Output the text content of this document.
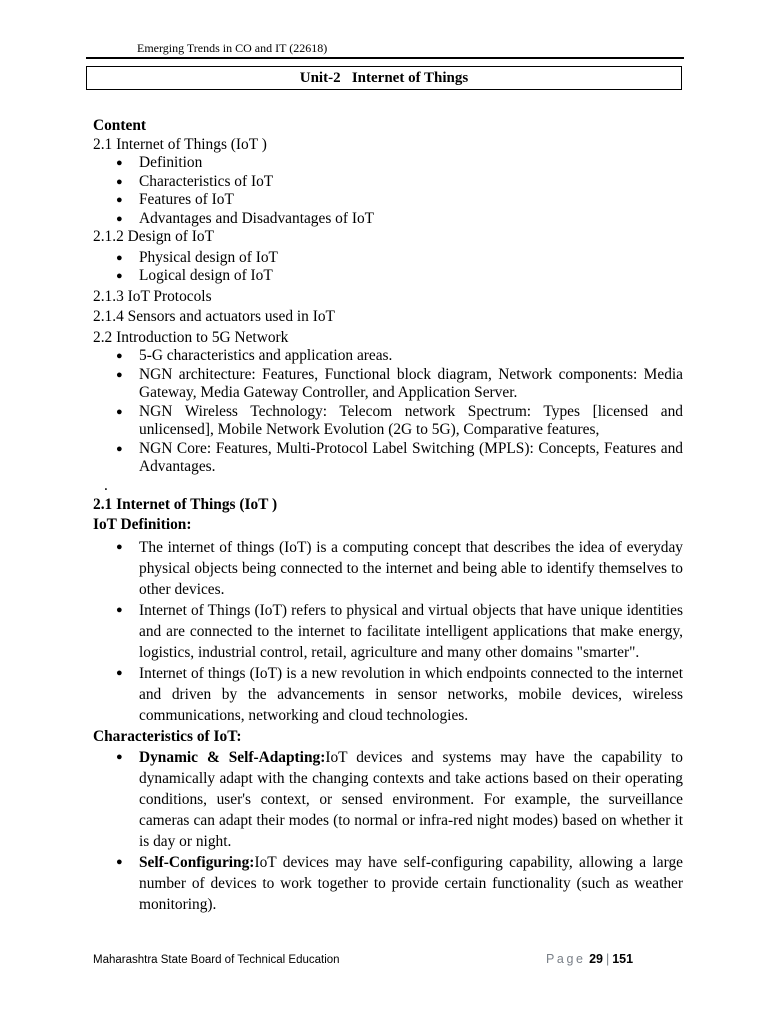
Emerging Trends in CO and IT (22618)
Unit-2   Internet of Things
Content
2.1 Internet of Things (IoT )
● Definition
● Characteristics of IoT
● Features of IoT
● Advantages and Disadvantages of IoT
2.1.2 Design of IoT
● Physical design of IoT
● Logical design of IoT
2.1.3 IoT Protocols
2.1.4 Sensors and actuators used in IoT
2.2 Introduction to 5G Network
● 5-G characteristics and application areas.
● NGN architecture: Features, Functional block diagram, Network components: Media Gateway, Media Gateway Controller, and Application Server.
● NGN Wireless Technology: Telecom network Spectrum: Types [licensed and unlicensed], Mobile Network Evolution (2G to 5G), Comparative features,
● NGN Core: Features, Multi-Protocol Label Switching (MPLS): Concepts, Features and Advantages.
.
2.1 Internet of Things (IoT )
IoT Definition:
● The internet of things (IoT) is a computing concept that describes the idea of everyday physical objects being connected to the internet and being able to identify themselves to other devices.
● Internet of Things (IoT) refers to physical and virtual objects that have unique identities and are connected to the internet to facilitate intelligent applications that make energy, logistics, industrial control, retail, agriculture and many other domains "smarter".
● Internet of things (IoT) is a new revolution in which endpoints connected to the internet and driven by the advancements in sensor networks, mobile devices, wireless communications, networking and cloud technologies.
Characteristics of IoT:
● Dynamic & Self-Adapting:IoT devices and systems may have the capability to dynamically adapt with the changing contexts and take actions based on their operating conditions, user's context, or sensed environment. For example, the surveillance cameras can adapt their modes (to normal or infra-red night modes) based on whether it is day or night.
● Self-Configuring:IoT devices may have self-configuring capability, allowing a large number of devices to work together to provide certain functionality (such as weather monitoring).
Maharashtra State Board of Technical Education	Page 29 | 151
